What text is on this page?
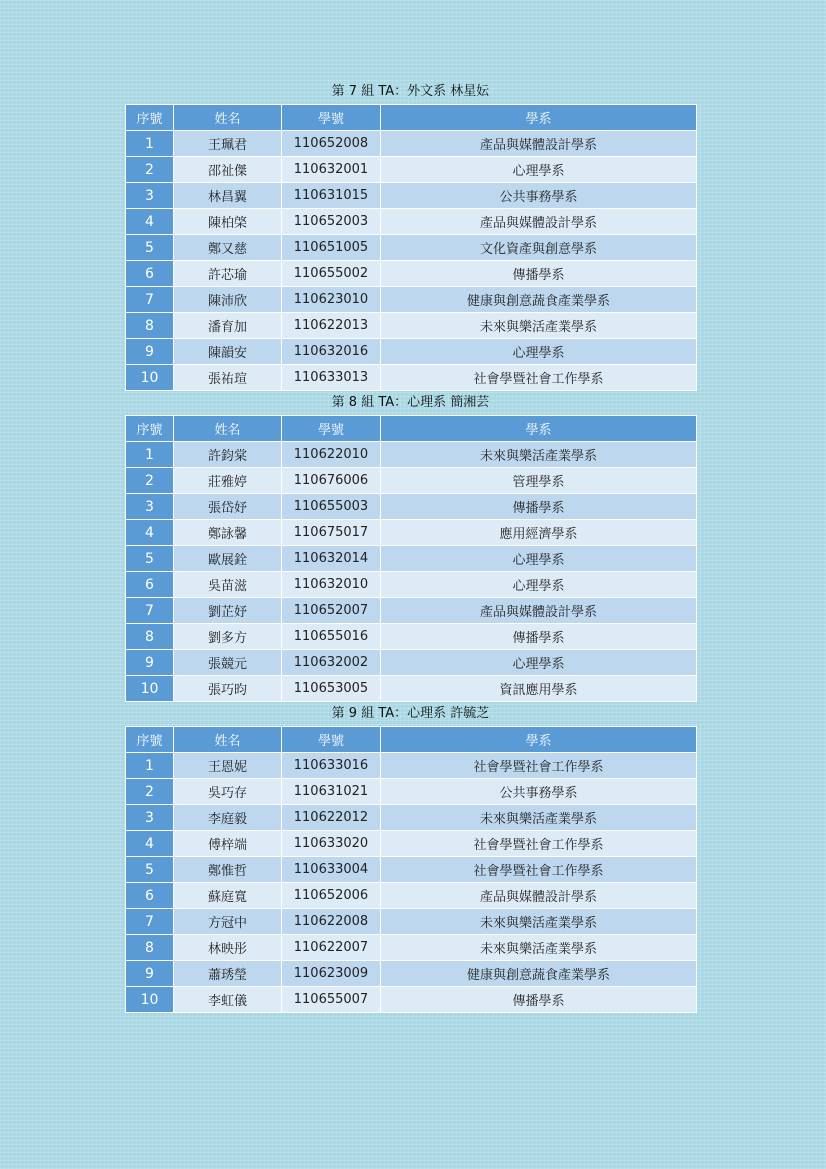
第 7 組 TA：外文系 林星妘
序號	姓名	學號	學系
1	王珮君	110652008	產品與媒體設計學系
2	邵祉傑	110632001	心理學系
3	林昌翼	110631015	公共事務學系
4	陳柏棨	110652003	產品與媒體設計學系
5	鄭又慈	110651005	文化資產與創意學系
6	許芯瑜	110655002	傳播學系
7	陳沛欣	110623010	健康與創意蔬食產業學系
8	潘育加	110622013	未來與樂活產業學系
9	陳韻安	110632016	心理學系
10	張祐瑄	110633013	社會學暨社會工作學系
第 8 組 TA：心理系 簡湘芸
序號	姓名	學號	學系
1	許鈞棠	110622010	未來與樂活產業學系
2	莊雅婷	110676006	管理學系
3	張岱妤	110655003	傳播學系
4	鄭詠馨	110675017	應用經濟學系
5	歐展銓	110632014	心理學系
6	吳苗滋	110632010	心理學系
7	劉芷妤	110652007	產品與媒體設計學系
8	劉多方	110655016	傳播學系
9	張競元	110632002	心理學系
10	張巧昀	110653005	資訊應用學系
第 9 組 TA：心理系 許毓芝
序號	姓名	學號	學系
1	王恩妮	110633016	社會學暨社會工作學系
2	吳巧存	110631021	公共事務學系
3	李庭毅	110622012	未來與樂活產業學系
4	傅梓端	110633020	社會學暨社會工作學系
5	鄭惟哲	110633004	社會學暨社會工作學系
6	蘇庭寬	110652006	產品與媒體設計學系
7	方冠中	110622008	未來與樂活產業學系
8	林映彤	110622007	未來與樂活產業學系
9	蕭琇瑩	110623009	健康與創意蔬食產業學系
10	李虹儀	110655007	傳播學系
